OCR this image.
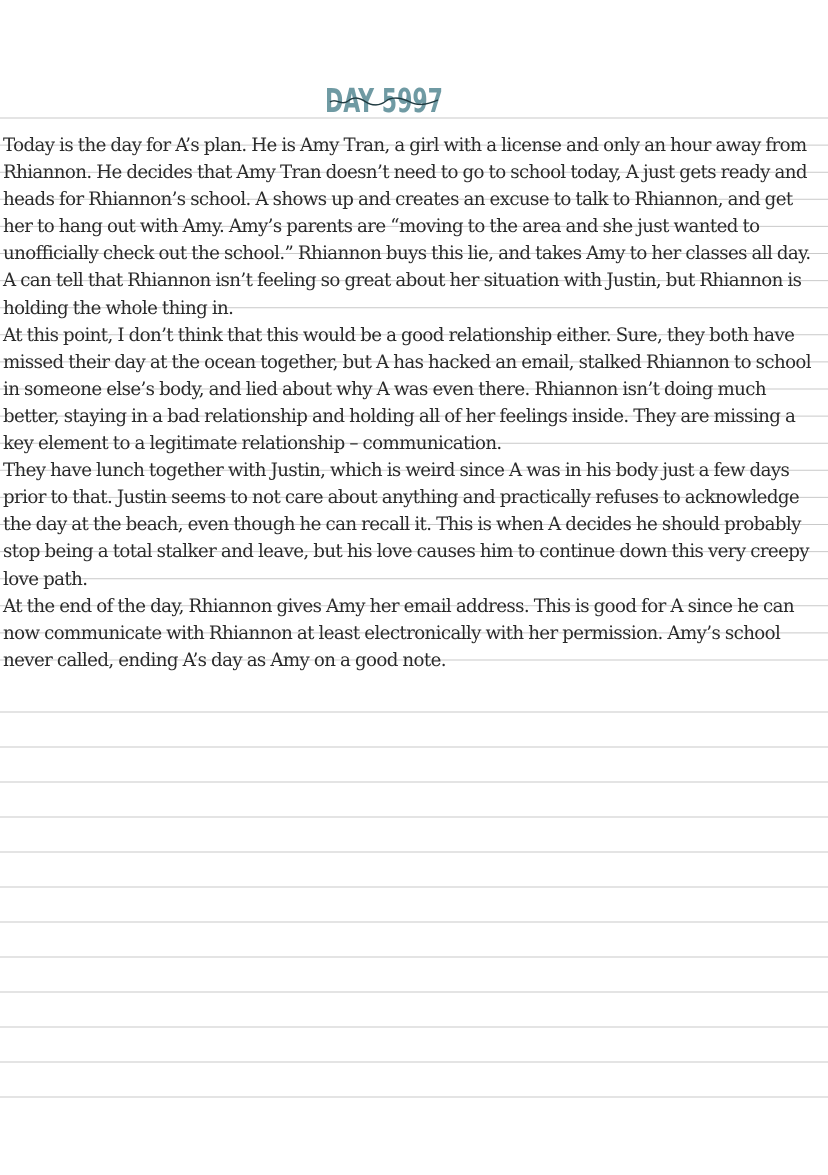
DAY 5997

Today is the day for A’s plan. He is Amy Tran, a girl with a license and only an hour away from Rhiannon. He decides that Amy Tran doesn’t need to go to school today, A just gets ready and heads for Rhiannon’s school. A shows up and creates an excuse to talk to Rhiannon, and get her to hang out with Amy. Amy’s parents are “moving to the area and she just wanted to unofficially check out the school.” Rhiannon buys this lie, and takes Amy to her classes all day. A can tell that Rhiannon isn’t feeling so great about her situation with Justin, but Rhiannon is holding the whole thing in.

At this point, I don’t think that this would be a good relationship either. Sure, they both have missed their day at the ocean together, but A has hacked an email, stalked Rhiannon to school in someone else’s body, and lied about why A was even there. Rhiannon isn’t doing much better, staying in a bad relationship and holding all of her feelings inside. They are missing a key element to a legitimate relationship – communication.

They have lunch together with Justin, which is weird since A was in his body just a few days prior to that. Justin seems to not care about anything and practically refuses to acknowledge the day at the beach, even though he can recall it. This is when A decides he should probably stop being a total stalker and leave, but his love causes him to continue down this very creepy love path.

At the end of the day, Rhiannon gives Amy her email address. This is good for A since he can now communicate with Rhiannon at least electronically with her permission. Amy’s school never called, ending A’s day as Amy on a good note.
